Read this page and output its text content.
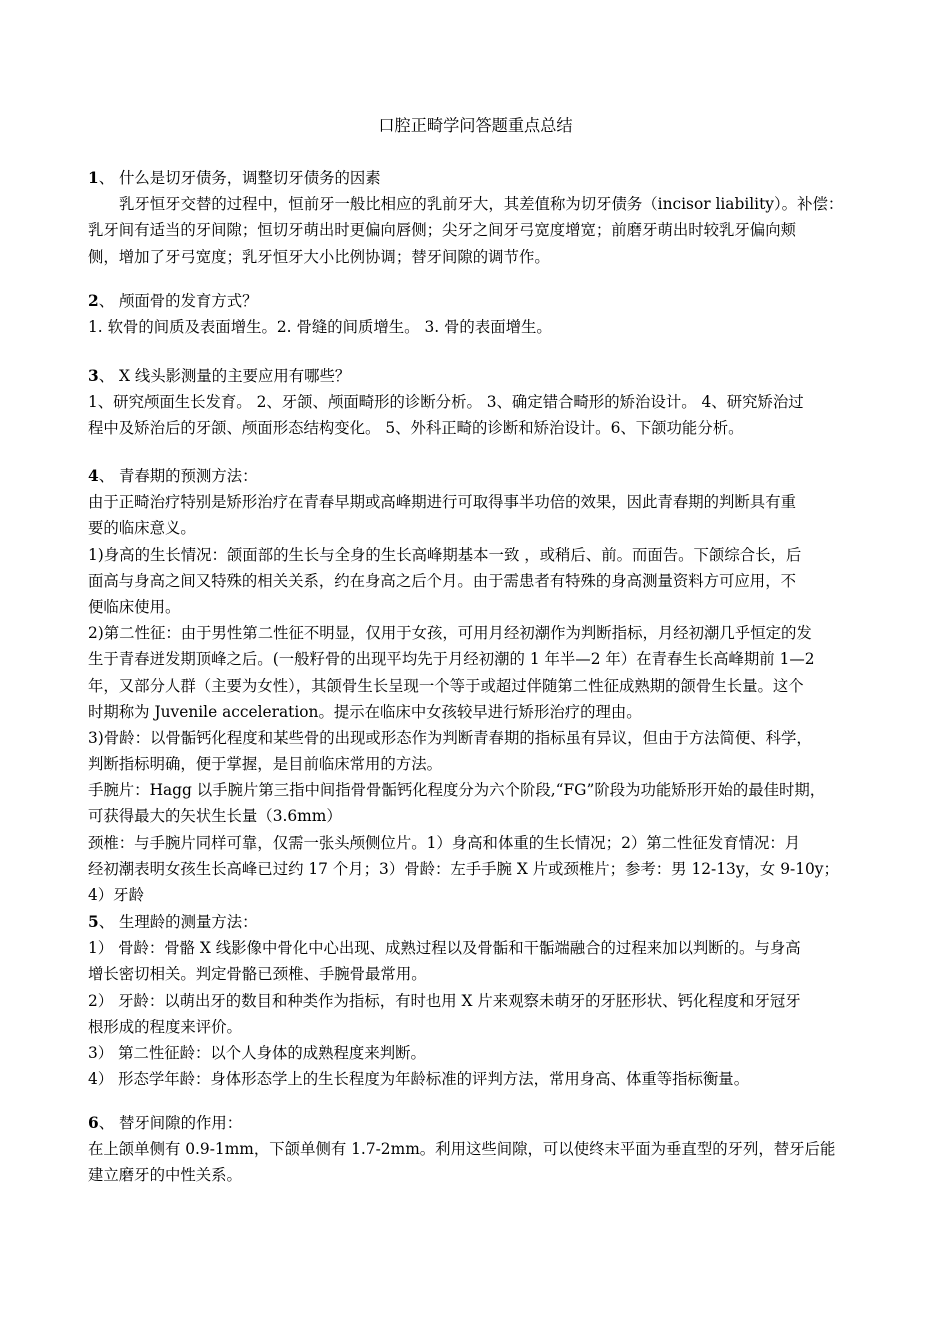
口腔正畸学问答题重点总结
1、 什么是切牙债务，调整切牙债务的因素
乳牙恒牙交替的过程中，恒前牙一般比相应的乳前牙大，其差值称为切牙债务（incisor liability）。补偿：
乳牙间有适当的牙间隙；恒切牙萌出时更偏向唇侧；尖牙之间牙弓宽度增宽；前磨牙萌出时较乳牙偏向颊
侧，增加了牙弓宽度；乳牙恒牙大小比例协调；替牙间隙的调节作。
2、 颅面骨的发育方式？
1. 软骨的间质及表面增生。2. 骨缝的间质增生。 3. 骨的表面增生。
3、 X 线头影测量的主要应用有哪些？
1、研究颅面生长发育。 2、牙颌、颅面畸形的诊断分析。 3、确定错合畸形的矫治设计。 4、研究矫治过
程中及矫治后的牙颌、颅面形态结构变化。 5、外科正畸的诊断和矫治设计。6、下颌功能分析。
4、 青春期的预测方法：
由于正畸治疗特别是矫形治疗在青春早期或高峰期进行可取得事半功倍的效果，因此青春期的判断具有重
要的临床意义。
1)身高的生长情况：颌面部的生长与全身的生长高峰期基本一致 ，或稍后、前。而面告。下颌综合长，后
面高与身高之间又特殊的相关关系，约在身高之后个月。由于需患者有特殊的身高测量资料方可应用，不
便临床使用。
2)第二性征：由于男性第二性征不明显，仅用于女孩，可用月经初潮作为判断指标，月经初潮几乎恒定的发
生于青春迸发期顶峰之后。(一般籽骨的出现平均先于月经初潮的 1 年半—2 年）在青春生长高峰期前 1—2
年，又部分人群（主要为女性），其颌骨生长呈现一个等于或超过伴随第二性征成熟期的颌骨生长量。这个
时期称为 Juvenile acceleration。提示在临床中女孩较早进行矫形治疗的理由。
3)骨龄：以骨骺钙化程度和某些骨的出现或形态作为判断青春期的指标虽有异议，但由于方法简便、科学，
判断指标明确，便于掌握，是目前临床常用的方法。
手腕片：Hagg 以手腕片第三指中间指骨骨骺钙化程度分为六个阶段,“FG”阶段为功能矫形开始的最佳时期，
可获得最大的矢状生长量（3.6mm）
颈椎：与手腕片同样可靠，仅需一张头颅侧位片。1）身高和体重的生长情况；2）第二性征发育情况：月
经初潮表明女孩生长高峰已过约 17 个月；3）骨龄：左手手腕 X 片或颈椎片；参考：男 12-13y，女 9-10y；
4）牙龄
5、 生理龄的测量方法：
1） 骨龄：骨骼 X 线影像中骨化中心出现、成熟过程以及骨骺和干骺端融合的过程来加以判断的。与身高
增长密切相关。判定骨骼已颈椎、手腕骨最常用。
2） 牙龄：以萌出牙的数目和种类作为指标，有时也用 X 片来观察未萌牙的牙胚形状、钙化程度和牙冠牙
根形成的程度来评价。
3） 第二性征龄：以个人身体的成熟程度来判断。
4） 形态学年龄：身体形态学上的生长程度为年龄标准的评判方法，常用身高、体重等指标衡量。
6、 替牙间隙的作用：
在上颌单侧有 0.9-1mm，下颌单侧有 1.7-2mm。利用这些间隙，可以使终末平面为垂直型的牙列，替牙后能
建立磨牙的中性关系。
